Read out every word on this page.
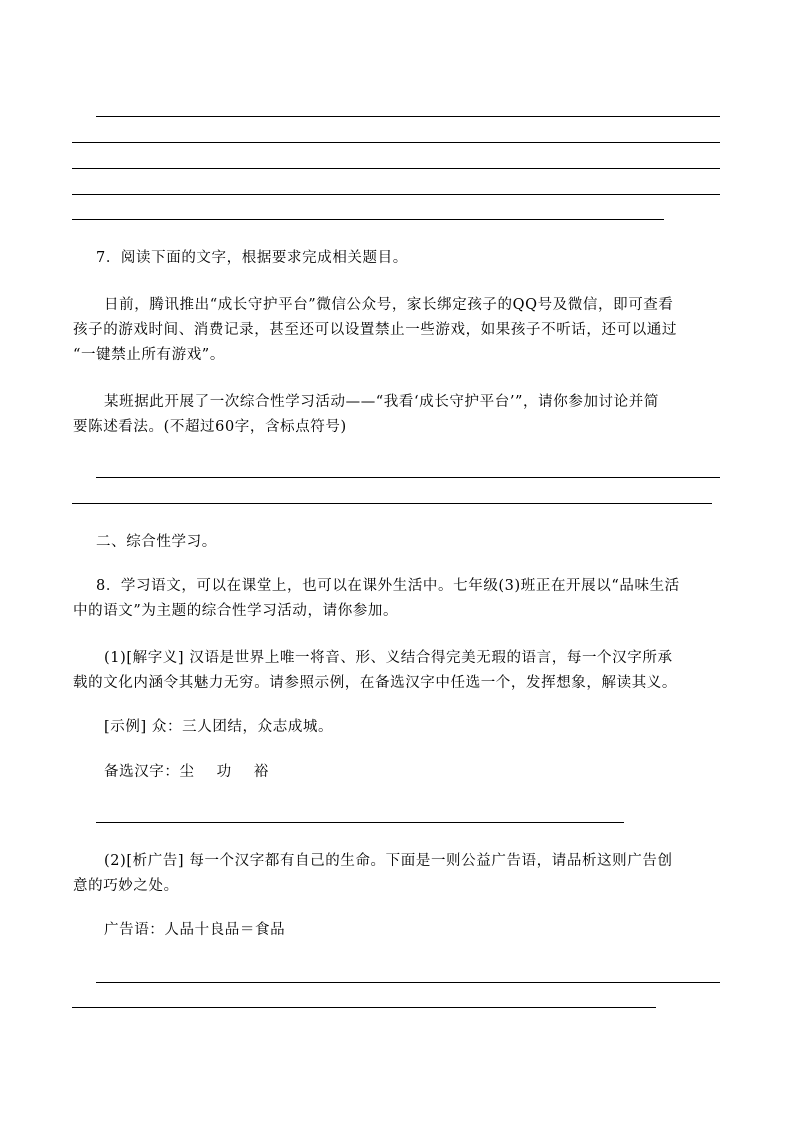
7．阅读下面的文字，根据要求完成相关题目。
日前，腾讯推出“成长守护平台”微信公众号，家长绑定孩子的QQ号及微信，即可查看
孩子的游戏时间、消费记录，甚至还可以设置禁止一些游戏，如果孩子不听话，还可以通过
“一键禁止所有游戏”。
某班据此开展了一次综合性学习活动——“我看‘成长守护平台’”，请你参加讨论并简
要陈述看法。(不超过60字，含标点符号)
二、综合性学习。
8．学习语文，可以在课堂上，也可以在课外生活中。七年级(3)班正在开展以“品味生活
中的语文”为主题的综合性学习活动，请你参加。
(1)[解字义] 汉语是世界上唯一将音、形、义结合得完美无瑕的语言，每一个汉字所承
载的文化内涵令其魅力无穷。请参照示例，在备选汉字中任选一个，发挥想象，解读其义。
[示例] 众：三人团结，众志成城。
备选汉字：尘 功 裕
(2)[析广告] 每一个汉字都有自己的生命。下面是一则公益广告语，请品析这则广告创
意的巧妙之处。
广告语：人品十良品＝食品
